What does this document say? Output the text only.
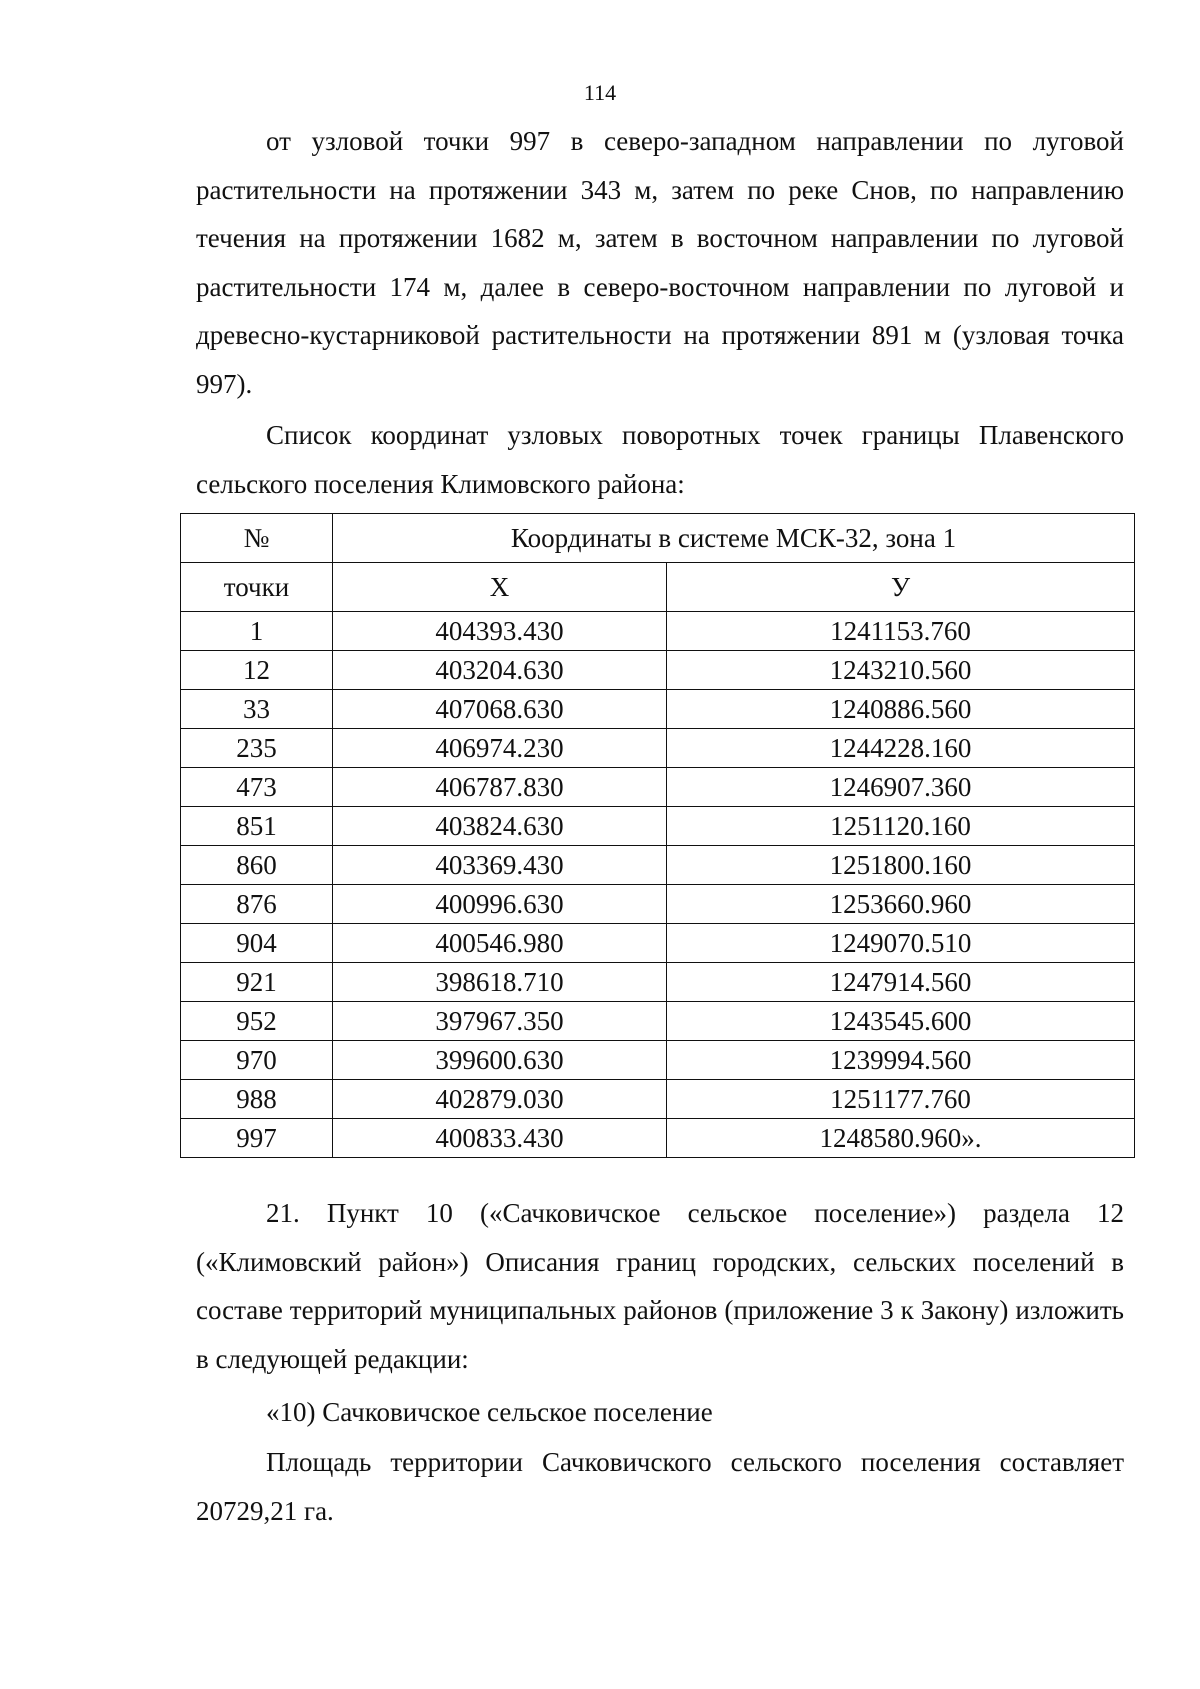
114

от узловой точки 997 в северо-западном направлении по луговой растительности на протяжении 343 м, затем по реке Снов, по направлению течения на протяжении 1682 м, затем в восточном направлении по луговой растительности 174 м, далее в северо-восточном направлении по луговой и древесно-кустарниковой растительности на протяжении 891 м (узловая точка 997).

Список координат узловых поворотных точек границы Плавенского сельского поселения Климовского района:

№	Координаты в системе МСК-32, зона 1	
точки	Х	У
1	404393.430	1241153.760
12	403204.630	1243210.560
33	407068.630	1240886.560
235	406974.230	1244228.160
473	406787.830	1246907.360
851	403824.630	1251120.160
860	403369.430	1251800.160
876	400996.630	1253660.960
904	400546.980	1249070.510
921	398618.710	1247914.560
952	397967.350	1243545.600
970	399600.630	1239994.560
988	402879.030	1251177.760
997	400833.430	1248580.960».

21. Пункт 10 («Сачковичское сельское поселение») раздела 12 («Климовский район») Описания границ городских, сельских поселений в составе территорий муниципальных районов (приложение 3 к Закону) изложить в следующей редакции:

«10) Сачковичское сельское поселение

Площадь территории Сачковичского сельского поселения составляет 20729,21 га.
